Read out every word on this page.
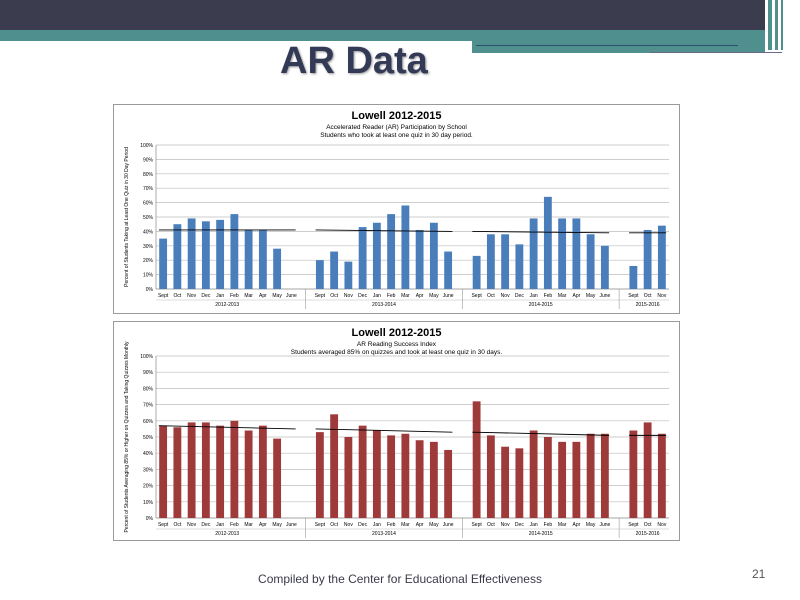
AR Data
Lowell 2012-2015
Accelerated Reader (AR) Participation by School
Students who took at least one quiz in 30 day period.
Percent of Students Taking at Least One Quiz in 30 Day Period
0%
10%
20%
30%
40%
50%
60%
70%
80%
90%
100%
Sept Oct Nov Dec Jan Feb Mar Apr May June
2012-2013
Sept Oct Nov Dec Jan Feb Mar Apr May June
2013-2014
Sept Oct Nov Dec Jan Feb Mar Apr May June
2014-2015
Sept Oct Nov
2015-2016
Lowell 2012-2015
AR Reading Success Index
Students averaged 85% on quizzes and took at least one quiz in 30 days.
Percent of Students Averaging 85% or Higher on Quizzes and Taking Quizzes Monthly	0%
10%
20%
30%
40%
50%
60%
70%
80%
90%
100%
Sept Oct Nov Dec Jan Feb Mar Apr May June
2012-2013
Sept Oct Nov Dec Jan Feb Mar Apr May June
2013-2014
Sept Oct Nov Dec Jan Feb Mar Apr May June
2014-2015
Sept Oct Nov
2015-2016
Compiled by the Center for Educational Effectiveness	21
